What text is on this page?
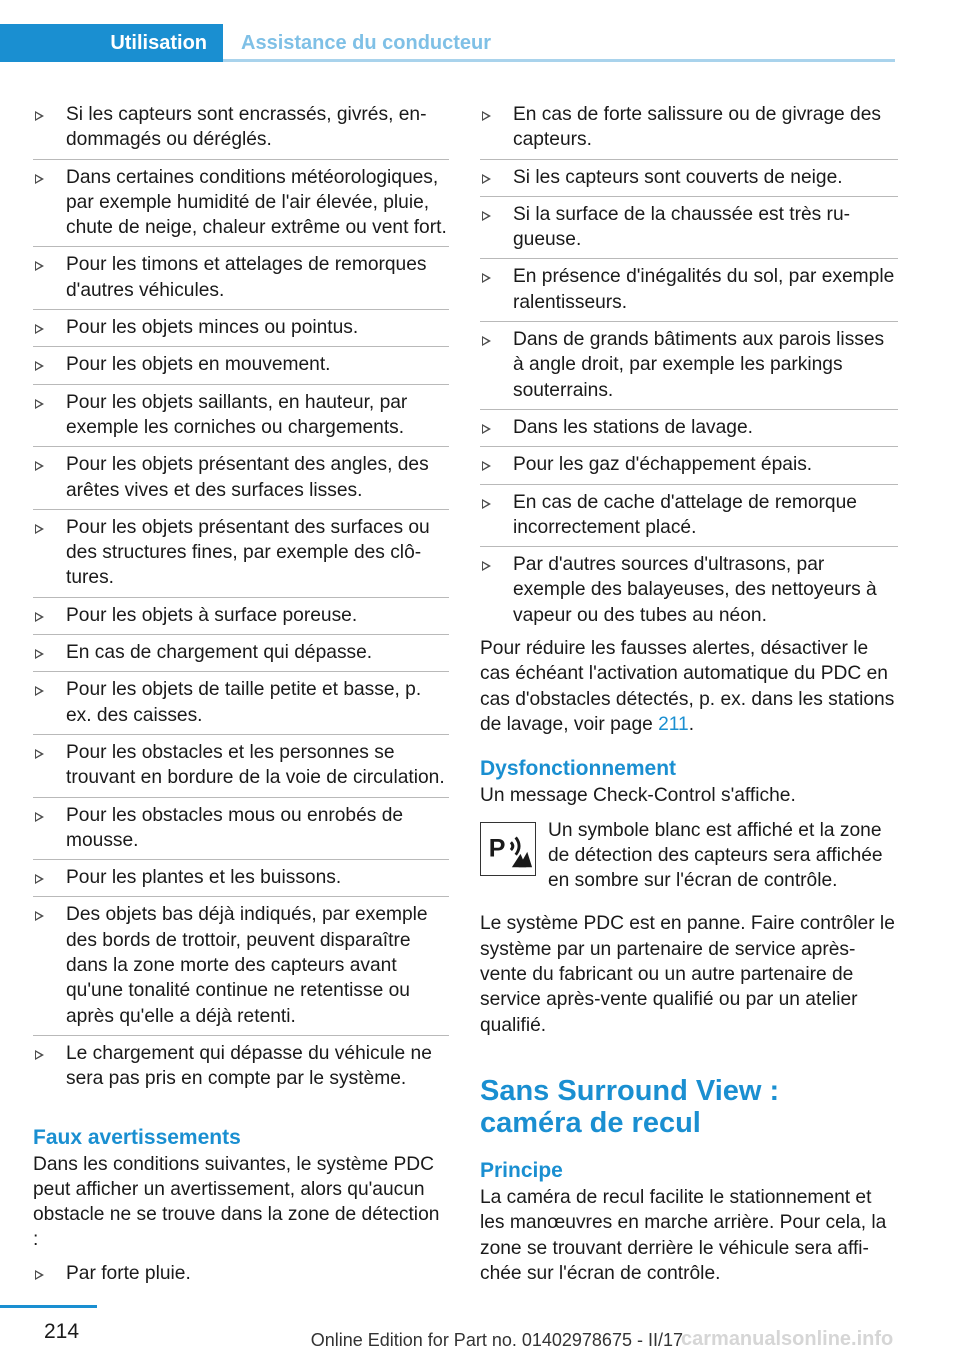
Utilisation	Assistance du conducteur
Si les capteurs sont encrassés, givrés, endommagés ou déréglés.
Dans certaines conditions météorologiques, par exemple humidité de l'air élevée, pluie, chute de neige, chaleur extrême ou vent fort.
Pour les timons et attelages de remorques d'autres véhicules.
Pour les objets minces ou pointus.
Pour les objets en mouvement.
Pour les objets saillants, en hauteur, par exemple les corniches ou chargements.
Pour les objets présentant des angles, des arêtes vives et des surfaces lisses.
Pour les objets présentant des surfaces ou des structures fines, par exemple des clôtures.
Pour les objets à surface poreuse.
En cas de chargement qui dépasse.
Pour les objets de taille petite et basse, p. ex. des caisses.
Pour les obstacles et les personnes se trouvant en bordure de la voie de circulation.
Pour les obstacles mous ou enrobés de mousse.
Pour les plantes et les buissons.
Des objets bas déjà indiqués, par exemple des bords de trottoir, peuvent disparaître dans la zone morte des capteurs avant qu'une tonalité continue ne retentisse ou après qu'elle a déjà retenti.
Le chargement qui dépasse du véhicule ne sera pas pris en compte par le système.
Faux avertissements

Dans les conditions suivantes, le système PDC peut afficher un avertissement, alors qu'aucun obstacle ne se trouve dans la zone de détection :

Par forte pluie.
En cas de forte salissure ou de givrage des capteurs.
Si les capteurs sont couverts de neige.
Si la surface de la chaussée est très rugueuse.
En présence d'inégalités du sol, par exemple ralentisseurs.
Dans de grands bâtiments aux parois lisses à angle droit, par exemple les parkings souterrains.
Dans les stations de lavage.
Pour les gaz d'échappement épais.
En cas de cache d'attelage de remorque incorrectement placé.
Par d'autres sources d'ultrasons, par exemple des balayeuses, des nettoyeurs à vapeur ou des tubes au néon.

Pour réduire les fausses alertes, désactiver le cas échéant l'activation automatique du PDC en cas d'obstacles détectés, p. ex. dans les stations de lavage, voir page 211.

Dysfonctionnement

Un message Check-Control s'affiche.

P

Un symbole blanc est affiché et la zone de détection des capteurs sera affichée en sombre sur l'écran de contrôle.

Le système PDC est en panne. Faire contrôler le système par un partenaire de service après-vente du fabricant ou un autre partenaire de service après-vente qualifié ou par un atelier qualifié.

Sans Surround View :
caméra de recul
Principe

La caméra de recul facilite le stationnement et les manœuvres en marche arrière. Pour cela, la zone se trouvant derrière le véhicule sera affichée sur l'écran de contrôle.

214	carmanualsonline.info
Online Edition for Part no. 01402978675 - II/17
